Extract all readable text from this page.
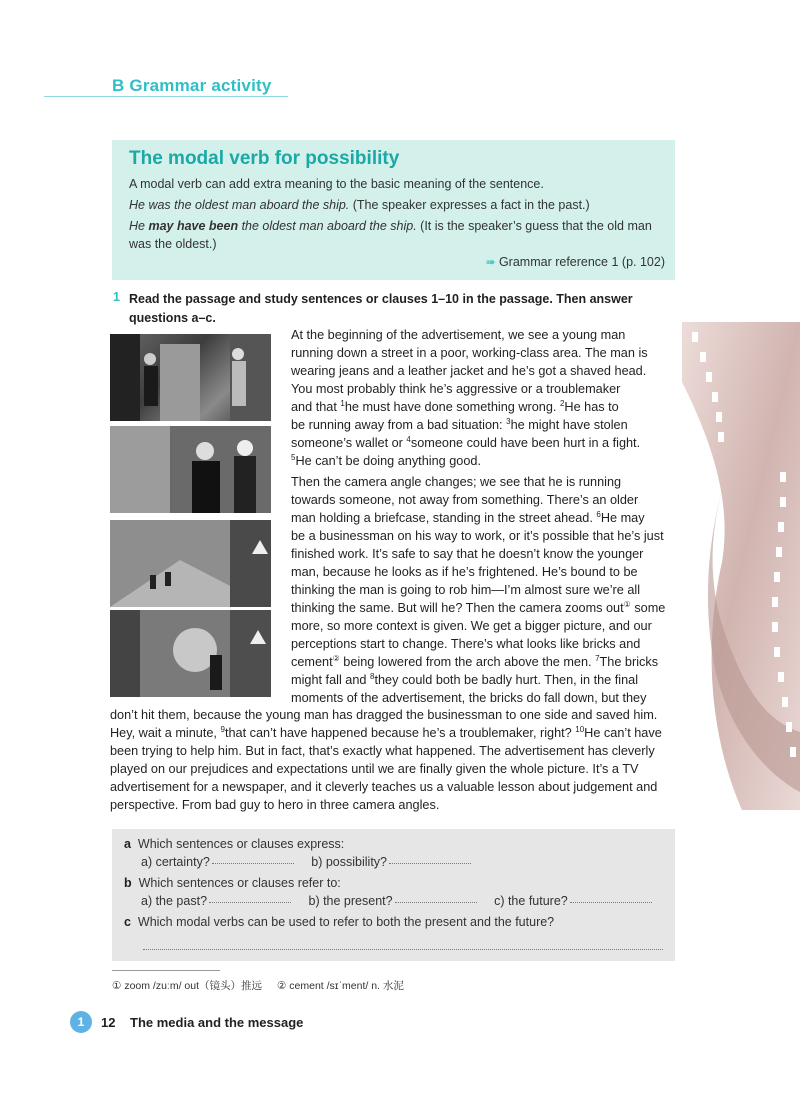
B Grammar activity
The modal verb for possibility
A modal verb can add extra meaning to the basic meaning of the sentence.
He was the oldest man aboard the ship. (The speaker expresses a fact in the past.)
He may have been the oldest man aboard the ship. (It is the speaker’s guess that the old man
was the oldest.)
➠ Grammar reference 1 (p. 102)
1 Read the passage and study sentences or clauses 1–10 in the passage. Then answer
questions a–c.
At the beginning of the advertisement, we see a young man
running down a street in a poor, working-class area. The man is
wearing jeans and a leather jacket and he’s got a shaved head.
You most probably think he’s aggressive or a troublemaker
and that $^1$he must have done something wrong. $^2$He has to
be running away from a bad situation: $^3$he might have stolen
someone’s wallet or $^4$someone could have been hurt in a fight.
$^5$He can’t be doing anything good.
Then the camera angle changes; we see that he is running
towards someone, not away from something. There’s an older
man holding a briefcase, standing in the street ahead. $^6$He may
be a businessman on his way to work, or it’s possible that he’s just
finished work. It’s safe to say that he doesn’t know the younger
man, because he looks as if he’s frightened. He’s bound to be
thinking the man is going to rob him—I’m almost sure we’re all
thinking the same. But will he? Then the camera zooms out① some
more, so more context is given. We get a bigger picture, and our
perceptions start to change. There’s what looks like bricks and
cement② being lowered from the arch above the men. $^7$The bricks
might fall and $^8$they could both be badly hurt. Then, in the final
moments of the advertisement, the bricks do fall down, but they
don’t hit them, because the young man has dragged the businessman to one side and saved him.
Hey, wait a minute, $^9$that can’t have happened because he’s a troublemaker, right? $^{10}$He can’t have
been trying to help him. But in fact, that’s exactly what happened. The advertisement has cleverly
played on our prejudices and expectations until we are finally given the whole picture. It’s a TV
advertisement for a newspaper, and it cleverly teaches us a valuable lesson about judgement and
perspective. From bad guy to hero in three camera angles.
a Which sentences or clauses express:
a) certainty?	b) possibility?
b Which sentences or clauses refer to:
a) the past?	b) the present?	c) the future?
c Which modal verbs can be used to refer to both the present and the future?
① zoom /zuːm/ out（镜头）推远 ② cement /sɪˈment/ n. 水泥
1	12 The media and the message
